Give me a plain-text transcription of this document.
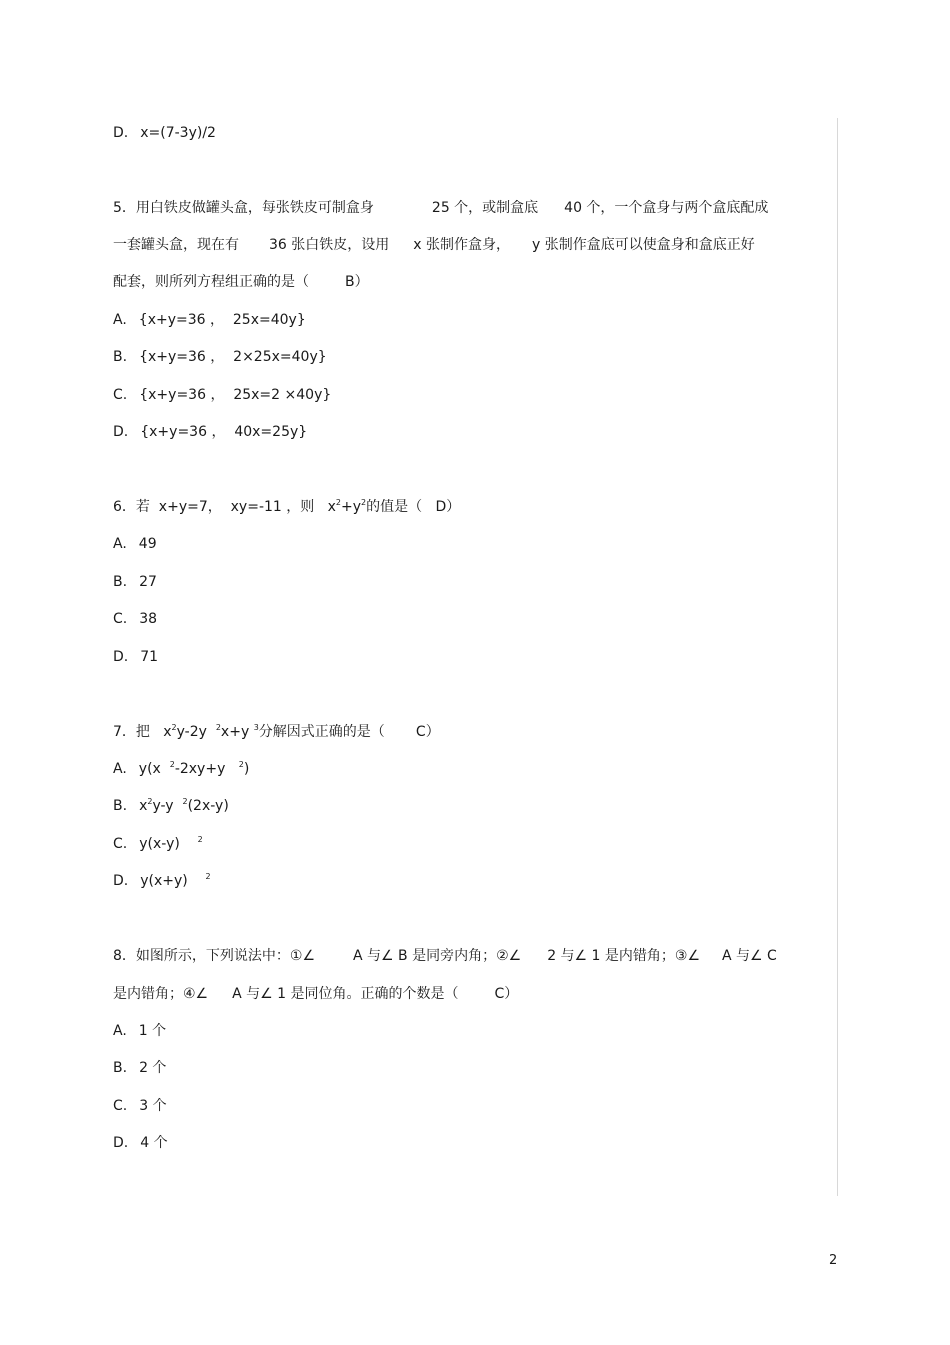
D. x=(7-3y)/2
5．用白铁皮做罐头盒，每张铁皮可制盒身	25 个，或制盒底 40 个，一个盒身与两个盒底配成
一套罐头盒，现在有 36 张白铁皮，设用 x 张制作盒身， y 张制作盒底可以使盒身和盒底正好
配套，则所列方程组正确的是（	B）
A. {x+y=36 ，  25x=40y}
B. {x+y=36 ，  2×25x=40y}
C. {x+y=36 ，  25x=2 ×40y}
D. {x+y=36 ，  40x=25y}
6．若  x+y=7，  xy=-11 ，则   $x^2+y^2$的值是（   D）
A. 49
B. 27
C. 38
D. 71
7．把   $x^2y-2y$  $^2$x+y $^3$分解因式正确的是（       C）
A. y(x  $^2$-2xy+y   $^2$)
B. $x^2y-y$  $^2$(2x-y)
C. y(x-y)    $^2$
D. y(x+y)    $^2$
8．如图所示，下列说法中：①∠	A 与∠ B 是同旁内角；②∠ 2 与∠ 1 是内错角；③∠ A 与∠ C
是内错角；④∠ A 与∠ 1 是同位角。正确的个数是（	C）
A. 1 个
B. 2 个
C. 3 个
D. 4 个
2
